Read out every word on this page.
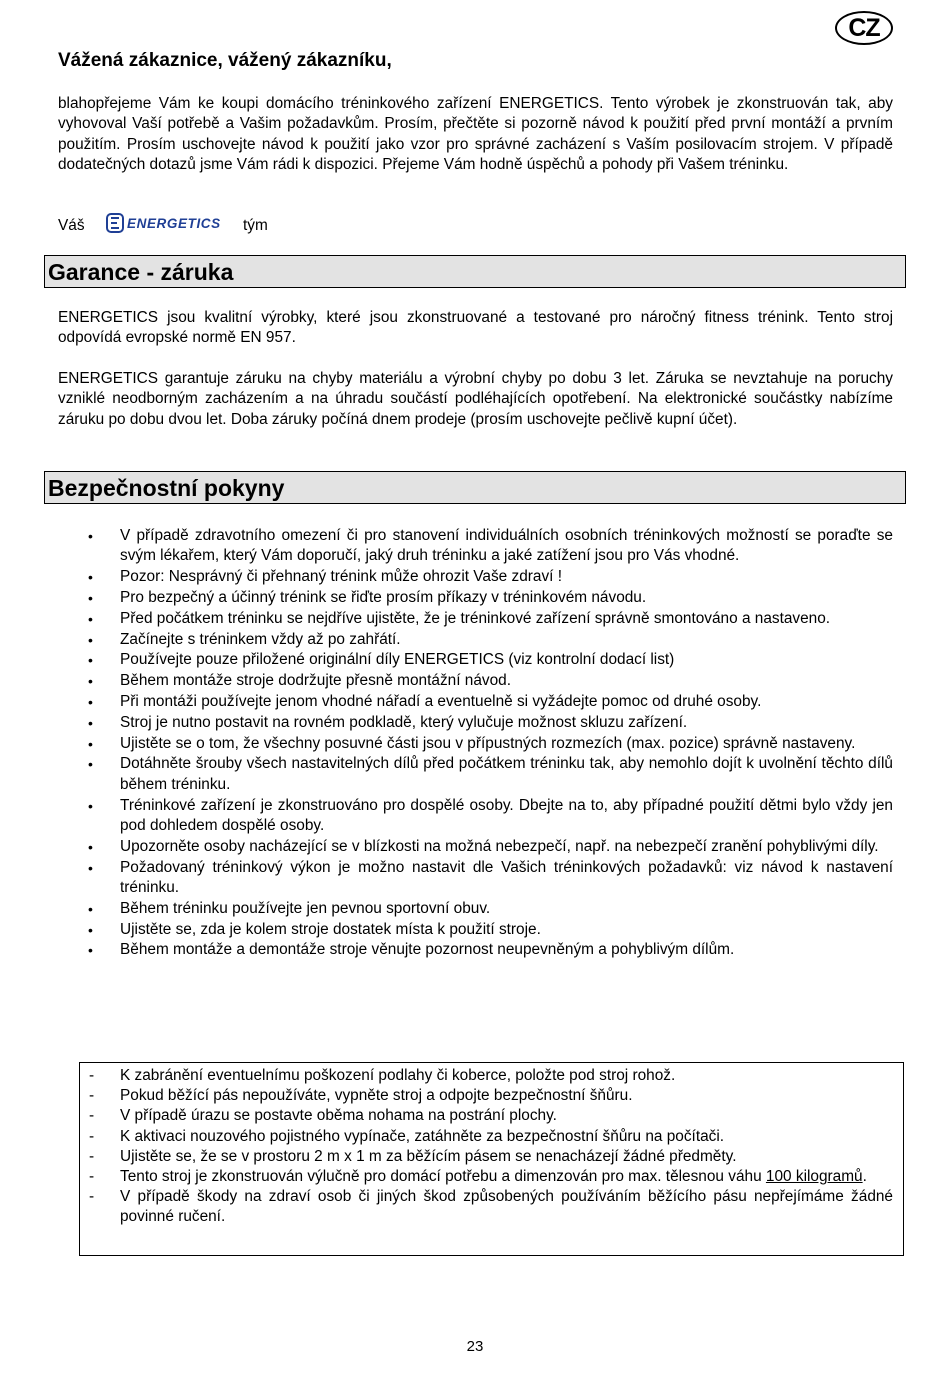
CZ
Vážená zákaznice, vážený zákazníku,
blahopřejeme Vám ke koupi domácího tréninkového zařízení ENERGETICS. Tento výrobek je zkonstruován tak, aby vyhovoval Vaší potřebě a Vašim požadavkům. Prosím, přečtěte si pozorně návod k použití před první montáží a prvním použitím. Prosím uschovejte návod k použití jako vzor pro správné zacházení s Vaším posilovacím strojem. V případě dodatečných dotazů jsme Vám rádi k dispozici. Přejeme Vám hodně úspěchů a pohody při Vašem tréninku.
Váš	ENERGETICS tým
Garance - záruka
ENERGETICS jsou kvalitní výrobky, které jsou zkonstruované a testované pro náročný fitness trénink. Tento stroj odpovídá evropské normě EN 957.
ENERGETICS garantuje záruku na chyby materiálu a výrobní chyby po dobu 3 let. Záruka se nevztahuje na poruchy vzniklé neodborným zacházením a na úhradu součástí podléhajících opotřebení. Na elektronické součástky nabízíme záruku po dobu dvou let. Doba záruky počíná dnem prodeje (prosím uschovejte pečlivě kupní účet).
Bezpečnostní pokyny
• V případě zdravotního omezení či pro stanovení individuálních osobních tréninkových možností se poraďte se svým lékařem, který Vám doporučí, jaký druh tréninku a jaké zatížení jsou pro Vás vhodné.
• Pozor: Nesprávný či přehnaný trénink může ohrozit Vaše zdraví !
• Pro bezpečný a účinný trénink se řiďte prosím příkazy v tréninkovém návodu.
• Před počátkem tréninku se nejdříve ujistěte, že je tréninkové zařízení správně smontováno a nastaveno.
• Začínejte s tréninkem vždy až po zahřátí.
• Používejte pouze přiložené originální díly ENERGETICS (viz kontrolní dodací list)
• Během montáže stroje dodržujte přesně montážní návod.
• Při montáži používejte jenom vhodné nářadí a eventuelně si vyžádejte pomoc od druhé osoby.
• Stroj je nutno postavit na rovném podkladě, který vylučuje možnost skluzu zařízení.
• Ujistěte se o tom, že všechny posuvné části jsou v přípustných rozmezích (max. pozice) správně nastaveny.
• Dotáhněte šrouby všech nastavitelných dílů před počátkem tréninku tak, aby nemohlo dojít k uvolnění těchto dílů během tréninku.
• Tréninkové zařízení je zkonstruováno pro dospělé osoby. Dbejte na to, aby případné použití dětmi bylo vždy jen pod dohledem dospělé osoby.
• Upozorněte osoby nacházející se v blízkosti na možná nebezpečí, např. na nebezpečí zranění pohyblivými díly.
• Požadovaný tréninkový výkon je možno nastavit dle Vašich tréninkových požadavků: viz návod k nastavení tréninku.
• Během tréninku používejte jen pevnou sportovní obuv.
• Ujistěte se, zda je kolem stroje dostatek místa k použití stroje.
• Během montáže a demontáže stroje věnujte pozornost neupevněným a pohyblivým dílům.
- K zabránění eventuelnímu poškození podlahy či koberce, položte pod stroj rohož.
- Pokud běžící pás nepoužíváte, vypněte stroj a odpojte bezpečnostní šňůru.
- V případě úrazu se postavte oběma nohama na postrání plochy.
- K aktivaci nouzového pojistného vypínače, zatáhněte za bezpečnostní šňůru na počítači.
- Ujistěte se, že se v prostoru 2 m x 1 m za běžícím pásem se nenacházejí žádné předměty.
- Tento stroj je zkonstruován výlučně pro domácí potřebu a dimenzován pro max. tělesnou váhu 100 kilogramů.
- V případě škody na zdraví osob či jiných škod způsobených používáním běžícího pásu nepřejímáme žádné povinné ručení.
23
